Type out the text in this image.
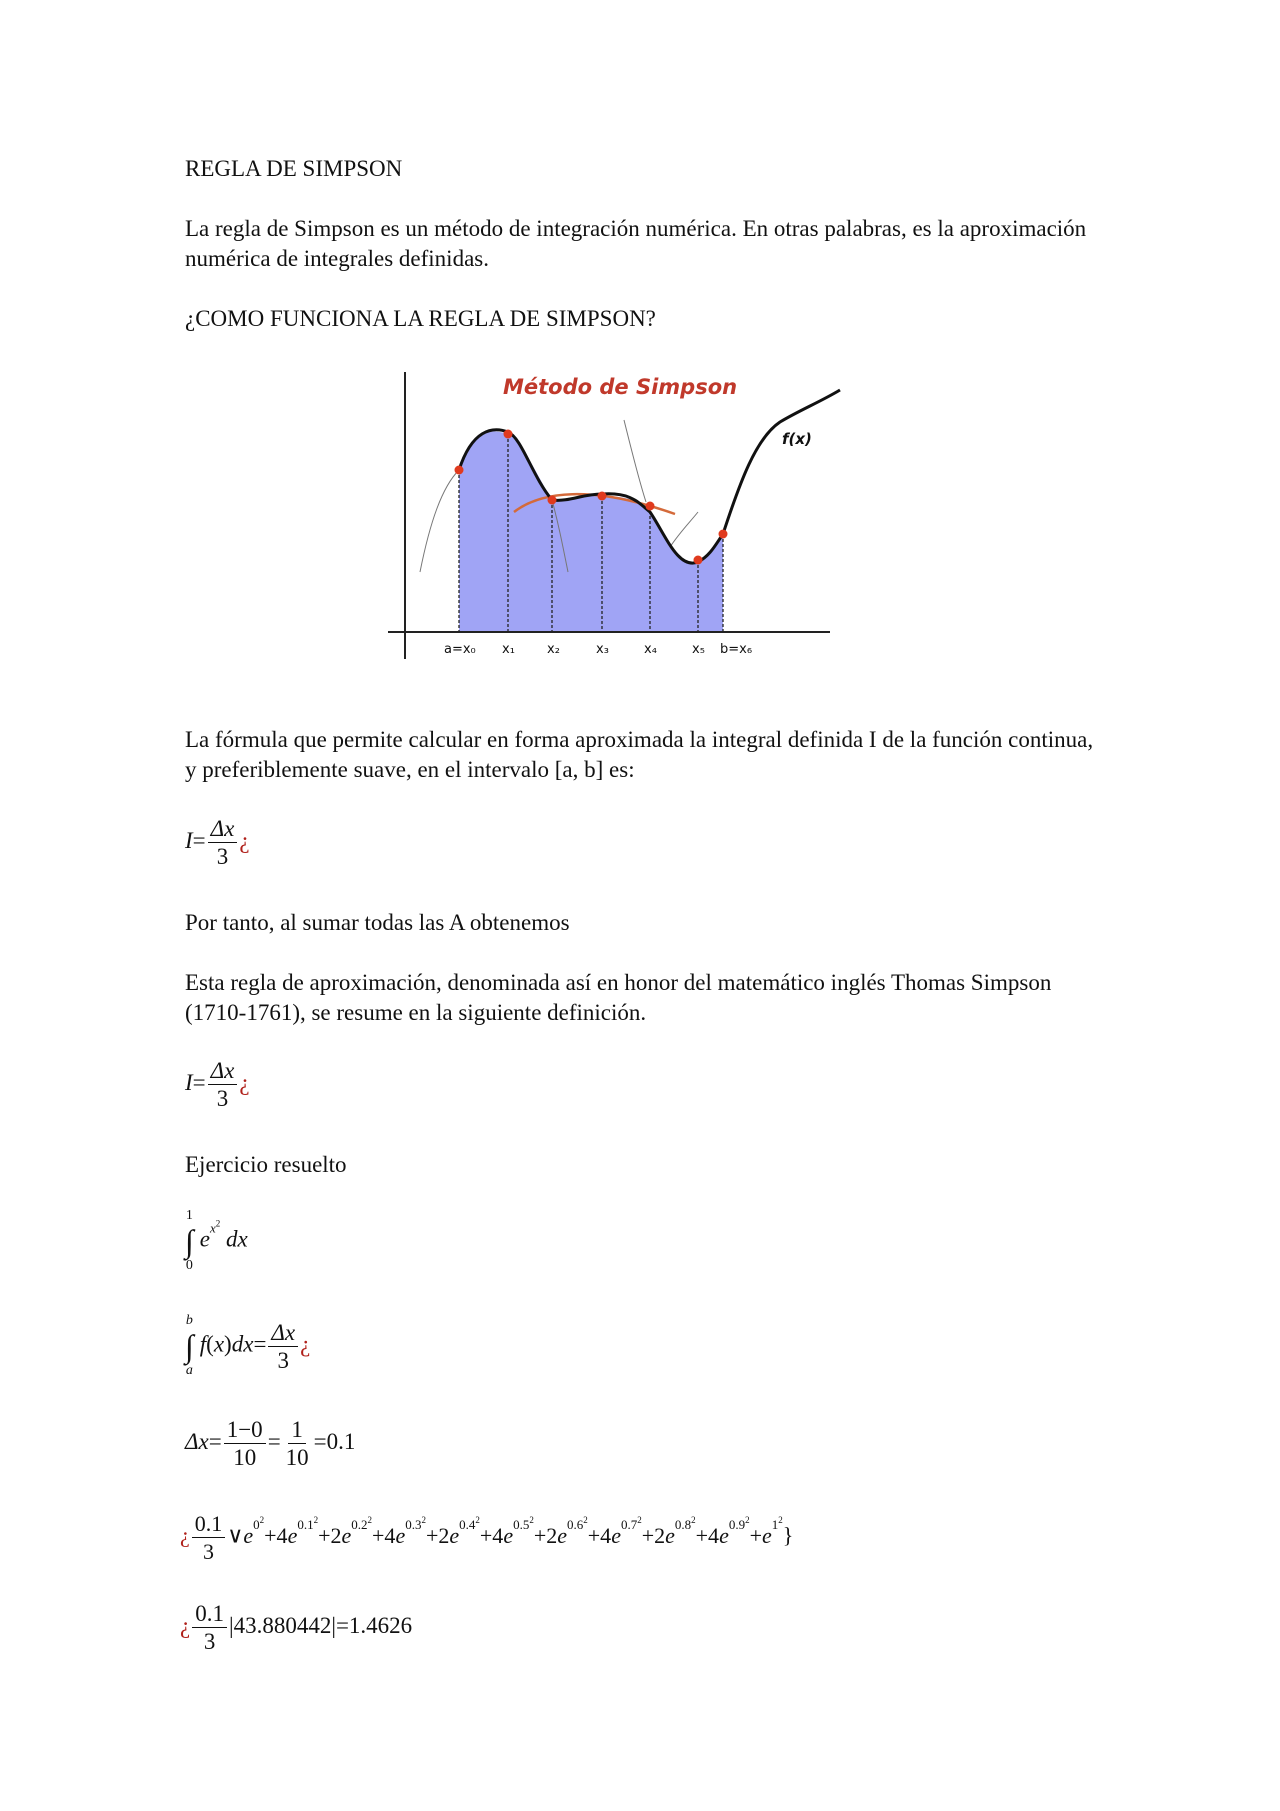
REGLA DE SIMPSON

La regla de Simpson es un método de integración numérica. En otras palabras, es la aproximación numérica de integrales definidas.

¿COMO FUNCIONA LA REGLA DE SIMPSON?

Método de Simpson
f(x)
a=x₀ x₁ x₂	x₃	x₄	x₅ b=x₆

La fórmula que permite calcular en forma aproximada la integral definida I de la función continua, y preferiblemente suave, en el intervalo [a, b] es:

$I= \frac{\Delta x}{3}$ ¿

Por tanto, al sumar todas las A obtenemos

Esta regla de aproximación, denominada así en honor del matemático inglés Thomas Simpson (1710-1761), se resume en la siguiente definición.

$I= \frac{\Delta x}{3}$ ¿

Ejercicio resuelto

1
∫
0
$e^{x2}$ dx
b
∫
a
$f(x)dx= \frac{\Delta x}{3}$ ¿
$\Delta x= \frac{1-0}{10} = \frac{1}{10} =0.1$
¿ $\frac{0.1}{3}$ $\vee e^{02}+4e^{0.12}+2e^{0.22}+4e^{0.32}+2e^{0.42}+4e^{0.52}+2e^{0.62}+4e^{0.72}+2e^{0.82}+4e^{0.92}+e^{12}$}
¿ $\frac{0.1}{3} |43.880442|=1.4626$
